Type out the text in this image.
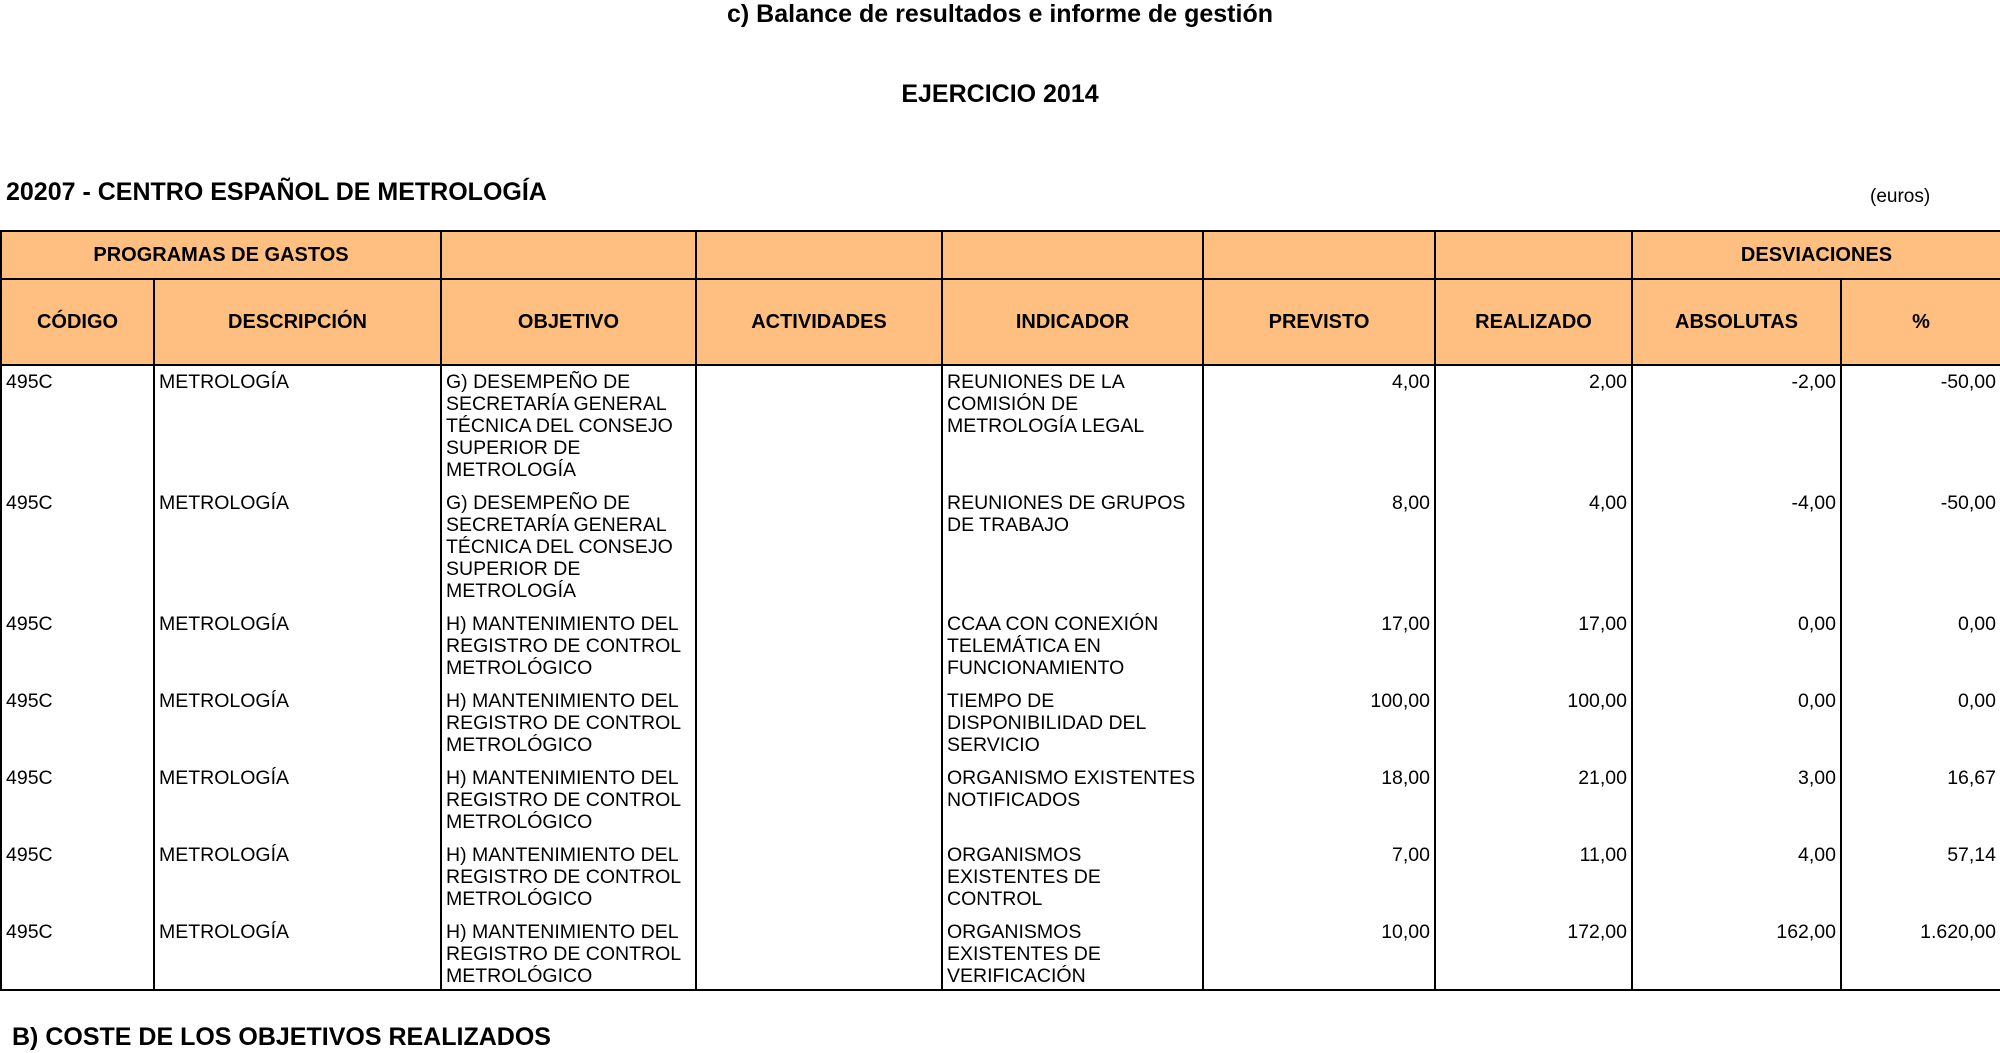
c) Balance de resultados e informe de gestión
EJERCICIO 2014
20207 - CENTRO ESPAÑOL DE METROLOGÍA	(euros)
PROGRAMAS DE GASTOS							DESVIACIONES	
CÓDIGO	DESCRIPCIÓN	OBJETIVO	ACTIVIDADES	INDICADOR	PREVISTO	REALIZADO	ABSOLUTAS	%
495C	METROLOGÍA	G) DESEMPEÑO DE SECRETARÍA GENERAL TÉCNICA DEL CONSEJO SUPERIOR DE METROLOGÍA		REUNIONES DE LA COMISIÓN DE METROLOGÍA LEGAL	4,00	2,00	-2,00	-50,00
495C	METROLOGÍA	G) DESEMPEÑO DE SECRETARÍA GENERAL TÉCNICA DEL CONSEJO SUPERIOR DE METROLOGÍA		REUNIONES DE GRUPOS DE TRABAJO	8,00	4,00	-4,00	-50,00
495C	METROLOGÍA	H) MANTENIMIENTO DEL REGISTRO DE CONTROL METROLÓGICO		CCAA CON CONEXIÓN TELEMÁTICA EN FUNCIONAMIENTO	17,00	17,00	0,00	0,00
495C	METROLOGÍA	H) MANTENIMIENTO DEL REGISTRO DE CONTROL METROLÓGICO		TIEMPO DE DISPONIBILIDAD DEL SERVICIO	100,00	100,00	0,00	0,00
495C	METROLOGÍA	H) MANTENIMIENTO DEL REGISTRO DE CONTROL METROLÓGICO		ORGANISMO EXISTENTES NOTIFICADOS	18,00	21,00	3,00	16,67
495C	METROLOGÍA	H) MANTENIMIENTO DEL REGISTRO DE CONTROL METROLÓGICO		ORGANISMOS EXISTENTES DE CONTROL	7,00	11,00	4,00	57,14
495C	METROLOGÍA	H) MANTENIMIENTO DEL REGISTRO DE CONTROL METROLÓGICO		ORGANISMOS EXISTENTES DE VERIFICACIÓN	10,00	172,00	162,00	1.620,00
B) COSTE DE LOS OBJETIVOS REALIZADOS
